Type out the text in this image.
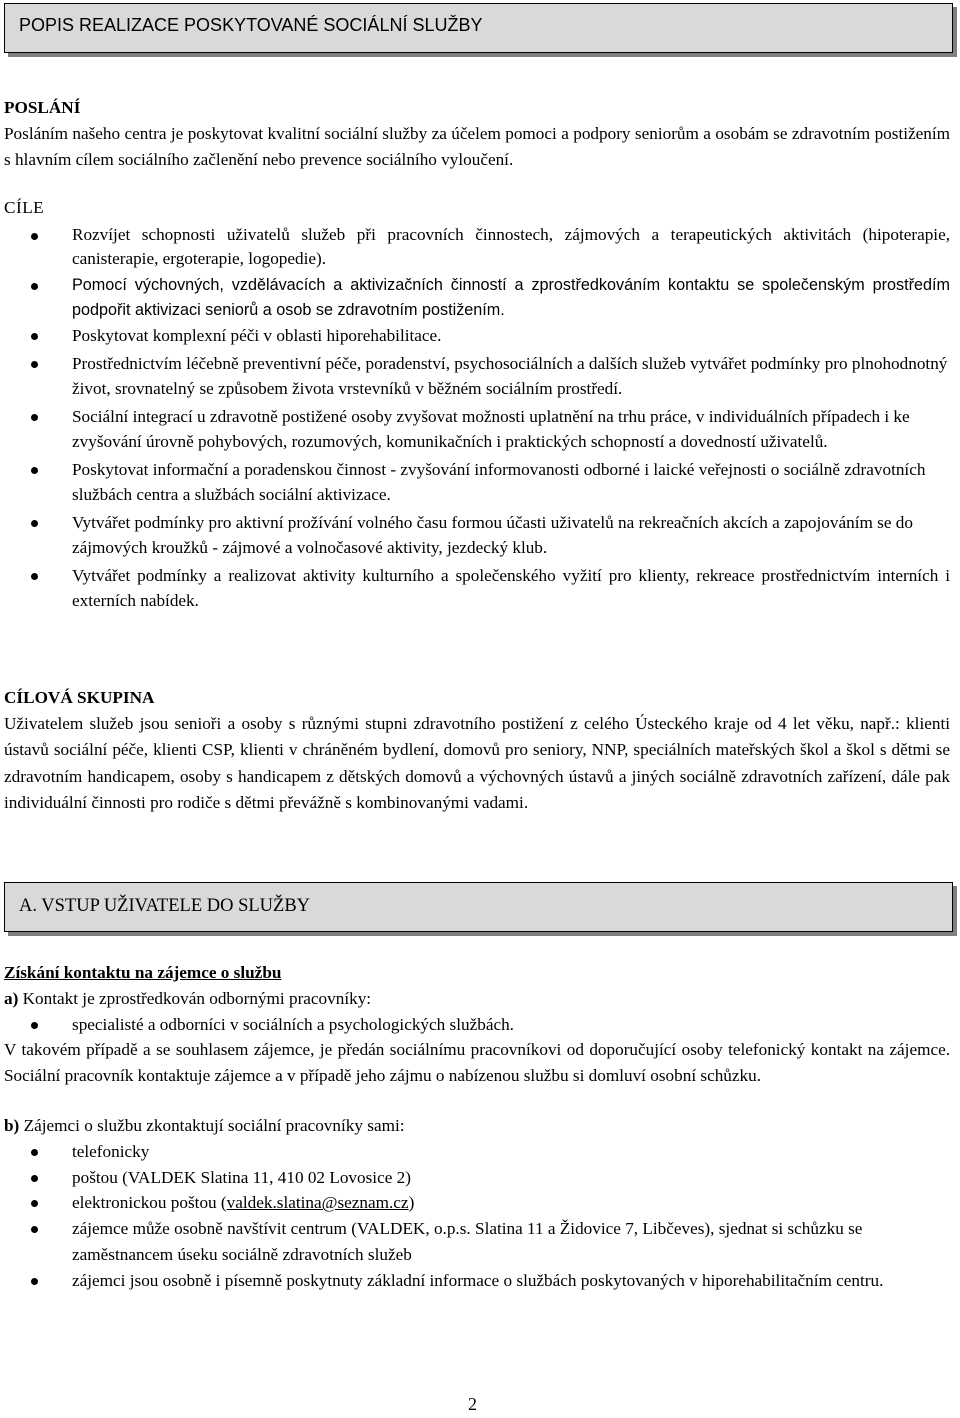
POPIS REALIZACE POSKYTOVANÉ SOCIÁLNÍ SLUŽBY
POSLÁNÍ
Posláním našeho centra je poskytovat kvalitní sociální služby za účelem pomoci a podpory seniorům a osobám se zdravotním postižením s hlavním cílem sociálního začlenění nebo prevence sociálního vyloučení.
CÍLE
Rozvíjet schopnosti uživatelů služeb při pracovních činnostech, zájmových a terapeutických aktivitách (hipoterapie, canisterapie, ergoterapie, logopedie).
Pomocí výchovných, vzdělávacích a aktivizačních činností a zprostředkováním kontaktu se společenským prostředím podpořit aktivizaci seniorů a osob se zdravotním postižením.
Poskytovat komplexní péči v oblasti hiporehabilitace.
Prostřednictvím léčebně preventivní péče, poradenství, psychosociálních a dalších služeb vytvářet podmínky pro plnohodnotný život, srovnatelný se způsobem života vrstevníků v běžném sociálním prostředí.
Sociální integrací u zdravotně postižené osoby zvyšovat možnosti uplatnění na trhu práce, v individuálních případech i ke zvyšování úrovně pohybových, rozumových, komunikačních i praktických schopností a dovedností uživatelů.
Poskytovat informační a poradenskou činnost - zvyšování informovanosti odborné i laické veřejnosti o sociálně zdravotních službách centra a službách sociální aktivizace.
Vytvářet podmínky pro aktivní prožívání volného času formou účasti uživatelů na rekreačních akcích a zapojováním se do zájmových kroužků - zájmové a volnočasové aktivity, jezdecký klub.
Vytvářet podmínky a realizovat aktivity kulturního a společenského vyžití pro klienty, rekreace prostřednictvím interních i externích nabídek.
CÍLOVÁ SKUPINA
Uživatelem služeb jsou senioři a osoby s různými stupni zdravotního postižení z celého Ústeckého kraje od 4 let věku, např.: klienti ústavů sociální péče, klienti CSP, klienti v chráněném bydlení, domovů pro seniory, NNP, speciálních mateřských škol a škol s dětmi se zdravotním handicapem, osoby s handicapem z dětských domovů a výchovných ústavů a jiných sociálně zdravotních zařízení, dále pak individuální činnosti pro rodiče s dětmi převážně s kombinovanými vadami.
A. VSTUP UŽIVATELE DO SLUŽBY
Získání kontaktu na zájemce o službu
a) Kontakt je zprostředkován odbornými pracovníky:
specialisté a odborníci v sociálních a psychologických službách.
V takovém případě a se souhlasem zájemce, je předán sociálnímu pracovníkovi od doporučující osoby telefonický kontakt na zájemce. Sociální pracovník kontaktuje zájemce a v případě jeho zájmu o nabízenou službu si domluví osobní schůzku.
b) Zájemci o službu zkontaktují sociální pracovníky sami:
telefonicky
poštou (VALDEK Slatina 11, 410 02 Lovosice 2)
elektronickou poštou (valdek.slatina@seznam.cz)
zájemce může osobně navštívit centrum (VALDEK, o.p.s. Slatina 11 a Židovice 7, Libčeves), sjednat si schůzku se zaměstnancem úseku sociálně zdravotních služeb
zájemci jsou osobně i písemně poskytnuty základní informace o službách poskytovaných v hiporehabilitačním centru.
2
